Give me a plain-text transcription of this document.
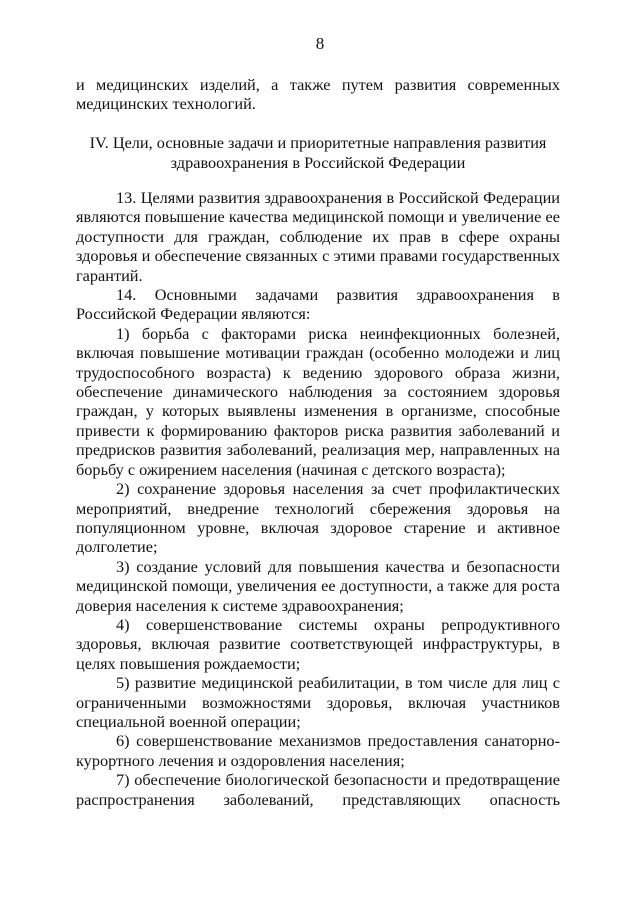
8

и медицинских изделий, а также путем развития современных медицинских технологий.

IV. Цели, основные задачи и приоритетные направления развития
здравоохранения в Российской Федерации

13. Целями развития здравоохранения в Российской Федерации являются повышение качества медицинской помощи и увеличение ее доступности для граждан, соблюдение их прав в сфере охраны здоровья и обеспечение связанных с этими правами государственных гарантий.

14. Основными задачами развития здравоохранения в Российской Федерации являются:

1) борьба с факторами риска неинфекционных болезней, включая повышение мотивации граждан (особенно молодежи и лиц трудоспособного возраста) к ведению здорового образа жизни, обеспечение динамического наблюдения за состоянием здоровья граждан, у которых выявлены изменения в организме, способные привести к формированию факторов риска развития заболеваний и предрисков развития заболеваний, реализация мер, направленных на борьбу с ожирением населения (начиная с детского возраста);

2) сохранение здоровья населения за счет профилактических мероприятий, внедрение технологий сбережения здоровья на популяционном уровне, включая здоровое старение и активное долголетие;

3) создание условий для повышения качества и безопасности медицинской помощи, увеличения ее доступности, а также для роста доверия населения к системе здравоохранения;

4) совершенствование системы охраны репродуктивного здоровья, включая развитие соответствующей инфраструктуры, в целях повышения рождаемости;

5) развитие медицинской реабилитации, в том числе для лиц с ограниченными возможностями здоровья, включая участников специальной военной операции;

6) совершенствование механизмов предоставления санаторно-курортного лечения и оздоровления населения;

7) обеспечение биологической безопасности и предотвращение распространения заболеваний, представляющих опасность
